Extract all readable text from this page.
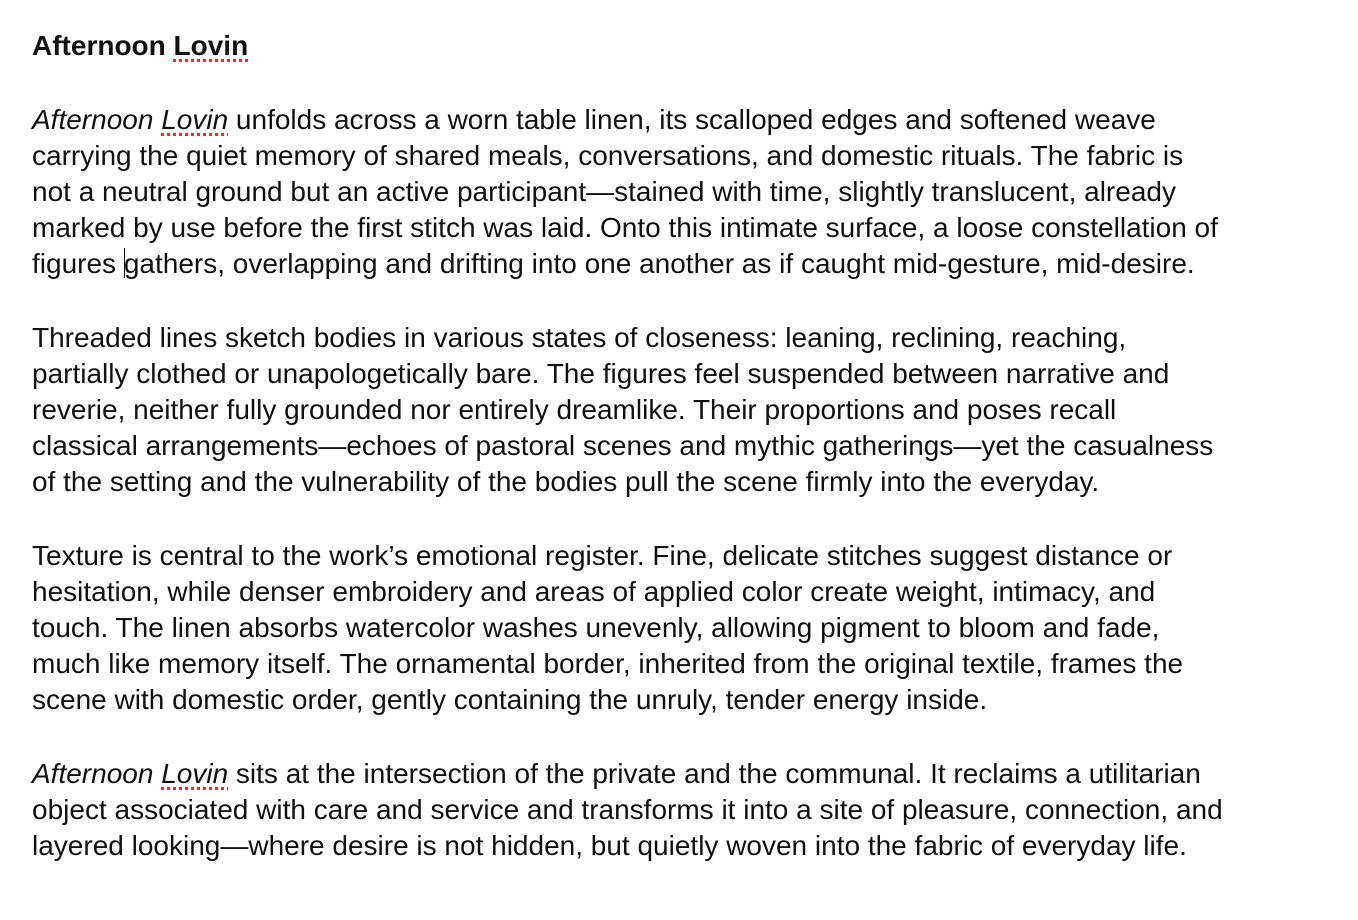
Afternoon Lovin
Afternoon Lovin unfolds across a worn table linen, its scalloped edges and softened weave
carrying the quiet memory of shared meals, conversations, and domestic rituals. The fabric is
not a neutral ground but an active participant—stained with time, slightly translucent, already
marked by use before the first stitch was laid. Onto this intimate surface, a loose constellation of
figures gathers, overlapping and drifting into one another as if caught mid-gesture, mid-desire.
Threaded lines sketch bodies in various states of closeness: leaning, reclining, reaching,
partially clothed or unapologetically bare. The figures feel suspended between narrative and
reverie, neither fully grounded nor entirely dreamlike. Their proportions and poses recall
classical arrangements—echoes of pastoral scenes and mythic gatherings—yet the casualness
of the setting and the vulnerability of the bodies pull the scene firmly into the everyday.
Texture is central to the work’s emotional register. Fine, delicate stitches suggest distance or
hesitation, while denser embroidery and areas of applied color create weight, intimacy, and
touch. The linen absorbs watercolor washes unevenly, allowing pigment to bloom and fade,
much like memory itself. The ornamental border, inherited from the original textile, frames the
scene with domestic order, gently containing the unruly, tender energy inside.
Afternoon Lovin sits at the intersection of the private and the communal. It reclaims a utilitarian
object associated with care and service and transforms it into a site of pleasure, connection, and
layered looking—where desire is not hidden, but quietly woven into the fabric of everyday life.
